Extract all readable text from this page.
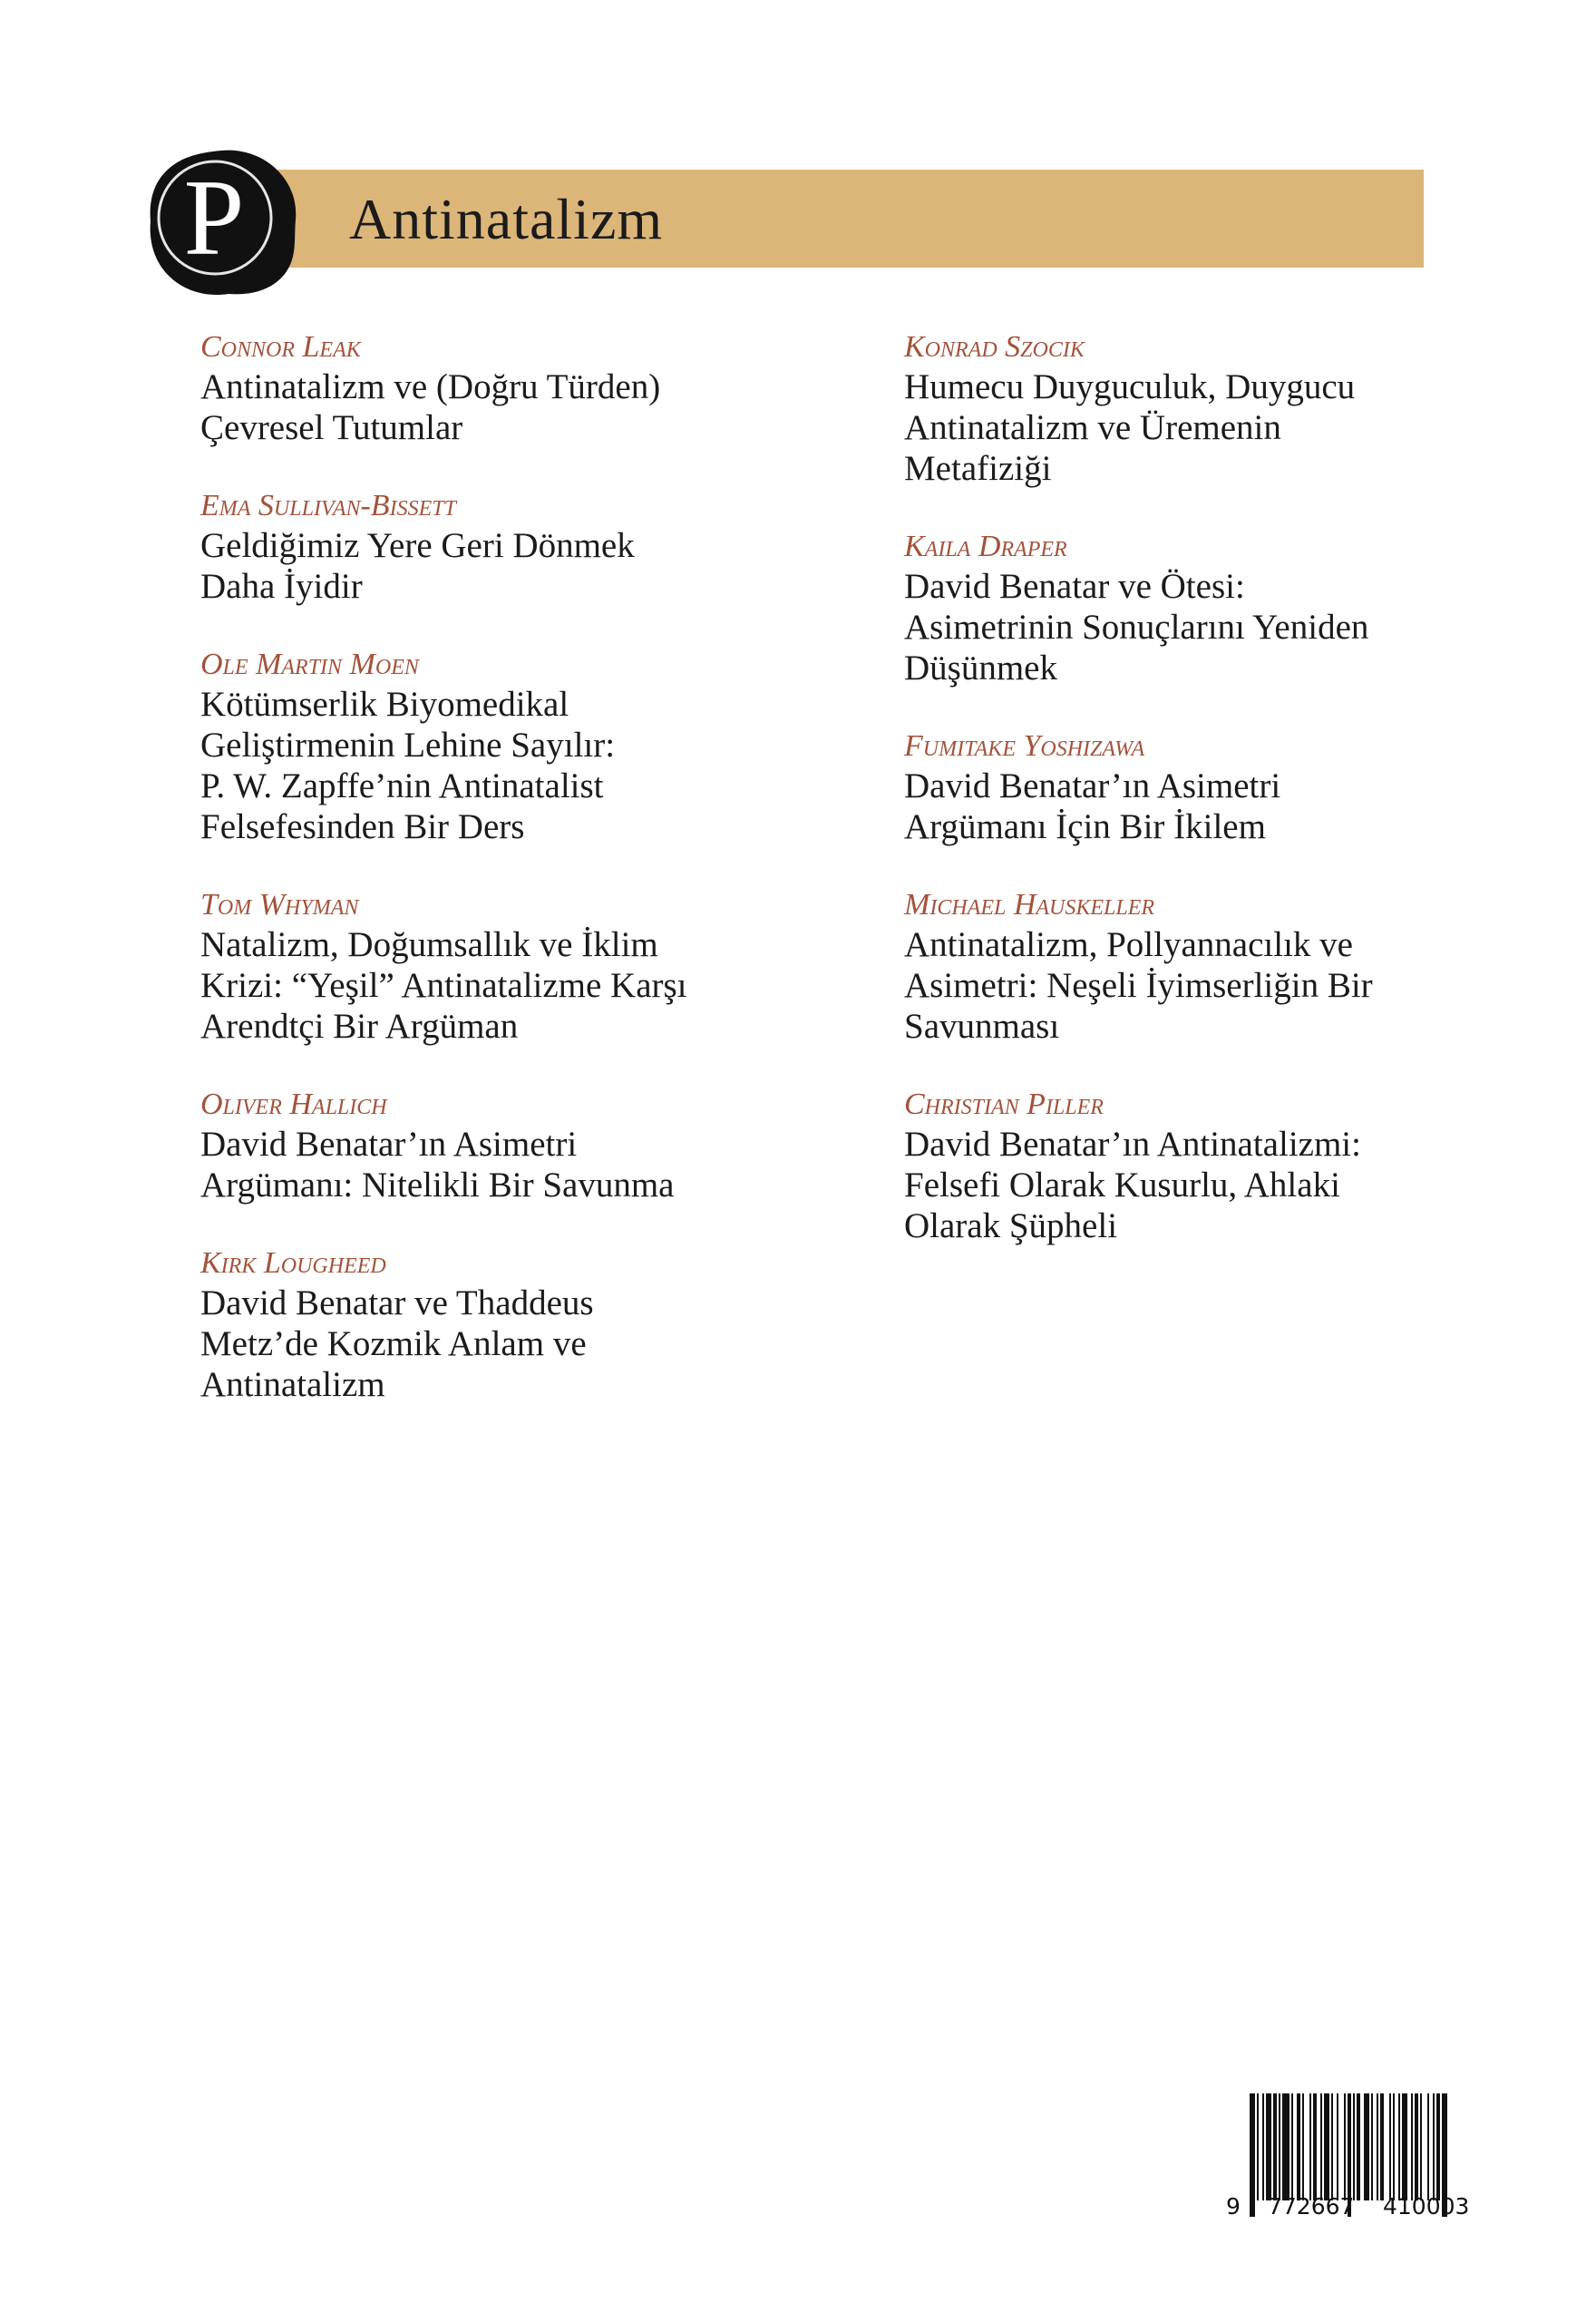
P	Antinatalizm
Connor Leak
Antinatalizm ve (Doğru Türden)
Çevresel Tutumlar
Ema Sullivan-Bissett
Geldiğimiz Yere Geri Dönmek
Daha İyidir
Ole Martin Moen
Kötümserlik Biyomedikal
Geliştirmenin Lehine Sayılır:
P. W. Zapffe’nin Antinatalist
Felsefesinden Bir Ders
Tom Whyman
Natalizm, Doğumsallık ve İklim
Krizi: “Yeşil” Antinatalizme Karşı
Arendtçi Bir Argüman
Oliver Hallich
David Benatar’ın Asimetri
Argümanı: Nitelikli Bir Savunma
Kirk Lougheed
David Benatar ve Thaddeus
Metz’de Kozmik Anlam ve
Antinatalizm
Konrad Szocik
Humecu Duyguculuk, Duygucu
Antinatalizm ve Üremenin
Metafiziği
Kaila Draper
David Benatar ve Ötesi:
Asimetrinin Sonuçlarını Yeniden
Düşünmek
Fumitake Yoshizawa
David Benatar’ın Asimetri
Argümanı İçin Bir İkilem
Michael Hauskeller
Antinatalizm, Pollyannacılık ve
Asimetri: Neşeli İyimserliğin Bir
Savunması
Christian Piller
David Benatar’ın Antinatalizmi:
Felsefi Olarak Kusurlu, Ahlaki
Olarak Şüpheli
9 772667 410003
